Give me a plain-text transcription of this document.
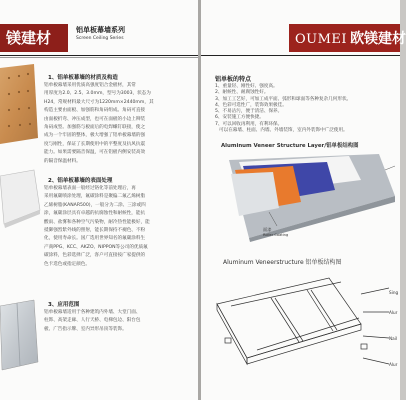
镁建材	铝单板幕墙系列
Screen Ceiling Series
1、铝单板幕墙的材质及构造
铝单板幕墙采用优质高强度铝合金板材，其常
用厚度为2.0、2.5、3.0mm，型号为3003，状态为
H24，常规材料最大尺寸为1220mm×2440mm，其
构造主要由面板、加强筋和角码组成。角码可直接
由面板折弯、冲压成型，也可在面板的小边上铆装
角码成型。加强筋与板面后的电焊螺钉联接，使之
成为一个牢固的整体，极大增强了铝单板幕墙的强
度与刚性，保证了长期使用中的平整度及抗风抗震
能力。如果需要隔音保温，可在铝板内侧安装高效
的隔音保温材料。
2、铝单板幕墙的表面处理
铝单板幕墙表面一般经过铬化等前处理后，再
采用氟碳喷涂处理，氟碳涂料是聚偏二氟乙烯树脂
乙烯树脂(KANAR500)，一般分为二涂、三涂或四
涂，氟碳涂层具有卓越的抗腐蚀性和耐候性，能抗
酸雨、盐雾和各种空气污染物，耐冷热性能极好，能
抵御强烈紫外线的照射，能长期保持不褪色、不粉
化，使用寿命长。国广选用世界知名的氟碳涂料生
产商PPG、KCC、AKZO、NIPPON等公司的优质氟
碳涂料，色彩选择广泛，客户可直接按广家提供的
色卡选色或指定颜色。
3、应用范围
铝单板幕墙适用于各种建筑内外墙、大堂门面、
柱饰、高架走廊、人行天桥、电梯包边、阳台包
板、广告指示牌、室内异形吊顶等装饰。
OUMEI 欧镁建材
铝单板的特点
1、重量轻、刚性好、强度高。
2、耐候性、耐腐蚀性好。
3、加工工艺好，可加工成平面、弧形和球面等各种复杂几何形状。
4、色彩可选性广，装饰效果极佳。
5、不易沾污，便于清洁、保养。
6、安装施工方便快捷。
7、可以回收再利用，有利环保。
可以在幕墙、柱面、内墙、外墙装饰，室内外装饰中广泛使用。
Aluminum Veneer Structure Layer/铝单板结构图
面漆
Roller Coating
Aluminum Veneerstructure 铝单板结构图
Sing
Alur
Nail
Alur
